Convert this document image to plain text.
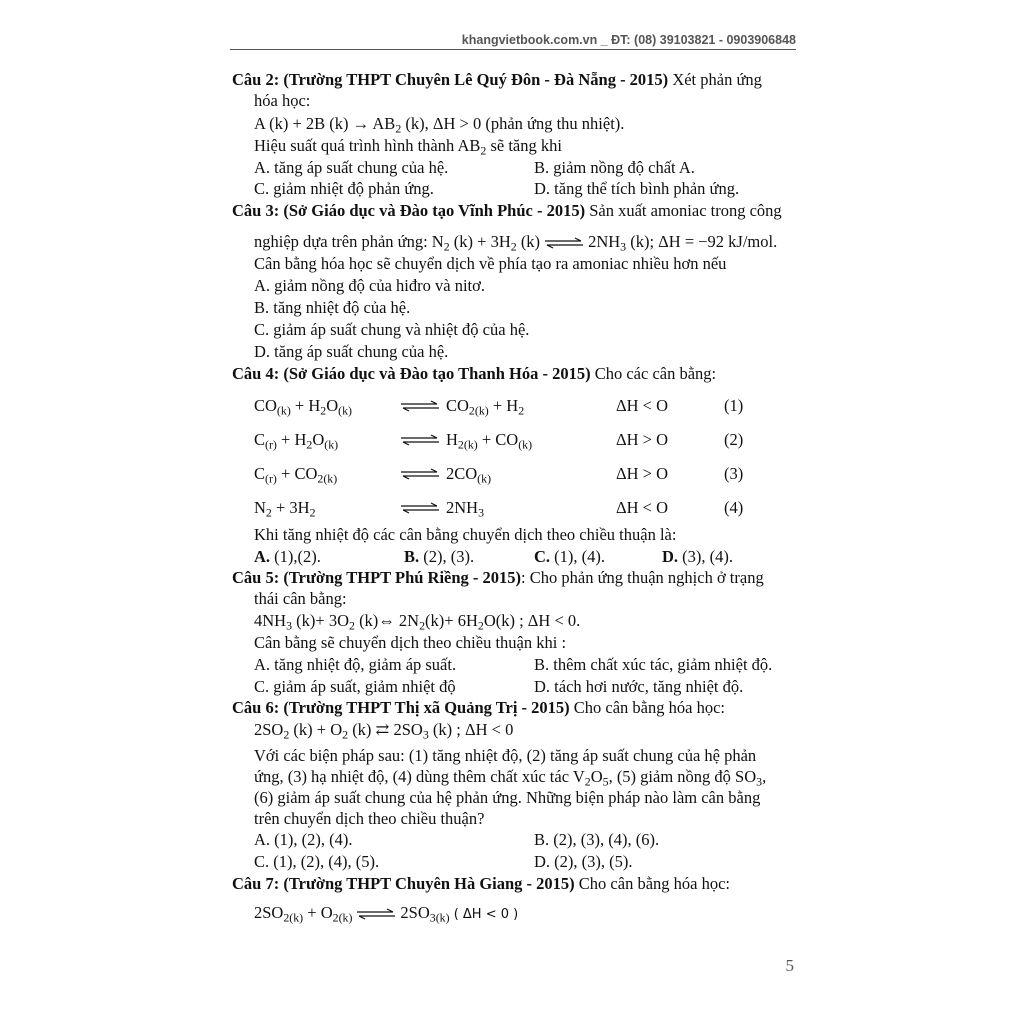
khangvietbook.com.vn _ ĐT: (08) 39103821 - 0903906848
Câu 2: (Trường THPT Chuyên Lê Quý Đôn - Đà Nẵng - 2015) Xét phản ứng
hóa học:
A (k) + 2B $(k) \to AB_2$ (k), ΔH > 0 (phản ứng thu nhiệt).
Hiệu suất quá trình hình thành $AB_2$ sẽ tăng khi
A. tăng áp suất chung của hệ.	B. giảm nồng độ chất A.
C. giảm nhiệt độ phản ứng.	D. tăng thể tích bình phản ứng.
Câu 3: (Sở Giáo dục và Đào tạo Vĩnh Phúc - 2015) Sản xuất amoniac trong công
nghiệp dựa trên phản ứng: $N_2$ $(k) + 3H_2$ (k) ⇌ $2NH_3$ (k); ΔH = −92 kJ/mol.
Cân bằng hóa học sẽ chuyển dịch về phía tạo ra amoniac nhiều hơn nếu
A. giảm nồng độ của hiđro và nitơ.
B. tăng nhiệt độ của hệ.
C. giảm áp suất chung và nhiệt độ của hệ.
D. tăng áp suất chung của hệ.
Câu 4: (Sở Giáo dục và Đào tạo Thanh Hóa - 2015) Cho các cân bằng:
$CO_{(k)} + H_2O_{(k)}$	$CO_{2(k)} + H_2$	ΔH < O	(1)
$C_{(r)} + H_2O_{(k)}$	$H_{2(k)} + CO_{(k)}$	ΔH > O	(2)
$C_{(r)} + CO_{2(k)}$	$2CO_{(k)}$	ΔH > O	(3)
$N_2 + 3H_2$	$2NH_3$	ΔH < O	(4)
Khi tăng nhiệt độ các cân bằng chuyển dịch theo chiều thuận là:
A. (1),(2).	B. (2), (3).	C. (1), (4).	D. (3), (4).
Câu 5: (Trường THPT Phú Riềng - 2015): Cho phản ứng thuận nghịch ở trạng
thái cân bằng:
$4NH_3$ $(k)+ 3O_2$ (k)⇔ $2N_2(k)+ 6H_2O(k)$ ; ΔH < 0.
Cân bằng sẽ chuyển dịch theo chiều thuận khi :
A. tăng nhiệt độ, giảm áp suất.	B. thêm chất xúc tác, giảm nhiệt độ.
C. giảm áp suất, giảm nhiệt độ	D. tách hơi nước, tăng nhiệt độ.
Câu 6: (Trường THPT Thị xã Quảng Trị - 2015) Cho cân bằng hóa học:
$2SO_2$ $(k) + O_2$ (k) ⇄ $2SO_3$ (k) ; ΔH < 0
Với các biện pháp sau: (1) tăng nhiệt độ, (2) tăng áp suất chung của hệ phản
ứng, (3) hạ nhiệt độ, (4) dùng thêm chất xúc tác $V_2O_5$, (5) giảm nồng độ $SO_3$,
(6) giảm áp suất chung của hệ phản ứng. Những biện pháp nào làm cân bằng
trên chuyển dịch theo chiều thuận?
A. (1), (2), (4).	B. (2), (3), (4), (6).
C. (1), (2), (4), (5).	D. (2), (3), (5).
Câu 7: (Trường THPT Chuyên Hà Giang - 2015) Cho cân bằng hóa học:
$2SO_{2(k)} + O_{2(k)}$ ⇌ $2SO_{3(k)}$ ( ΔH < 0 )
5
